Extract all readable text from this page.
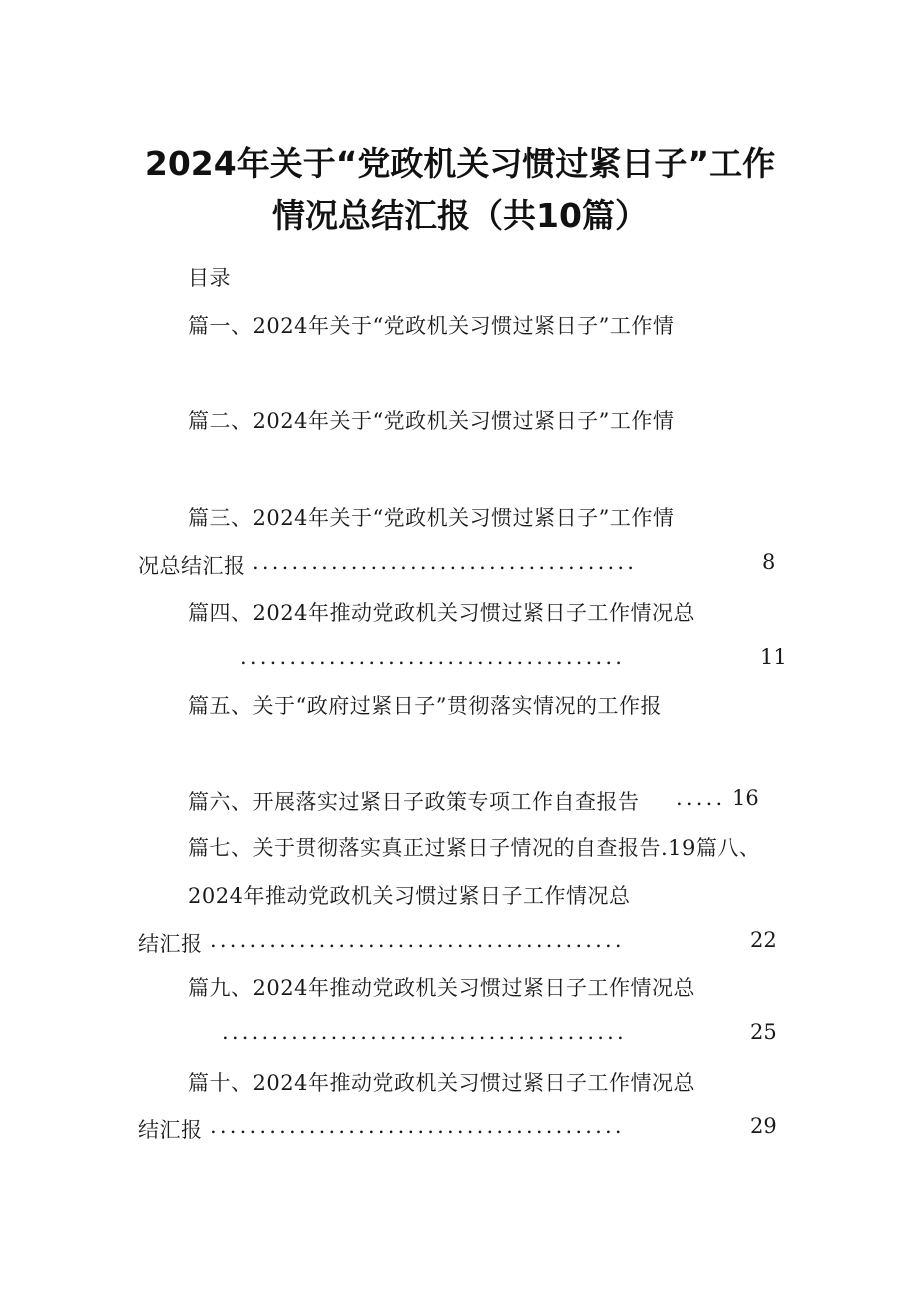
2024年关于“党政机关习惯过紧日子”工作
情况总结汇报（共10篇）
目录
篇一、2024年关于“党政机关习惯过紧日子”工作情
篇二、2024年关于“党政机关习惯过紧日子”工作情
篇三、2024年关于“党政机关习惯过紧日子”工作情
况总结汇报 .......................................	8
篇四、2024年推动党政机关习惯过紧日子工作情况总
.......................................	11
篇五、关于“政府过紧日子”贯彻落实情况的工作报
篇六、开展落实过紧日子政策专项工作自查报告 ..... 16
篇七、关于贯彻落实真正过紧日子情况的自查报告.19篇八、
2024年推动党政机关习惯过紧日子工作情况总
结汇报 ..........................................	22
篇九、2024年推动党政机关习惯过紧日子工作情况总
.........................................	25
篇十、2024年推动党政机关习惯过紧日子工作情况总
结汇报 ..........................................	29
